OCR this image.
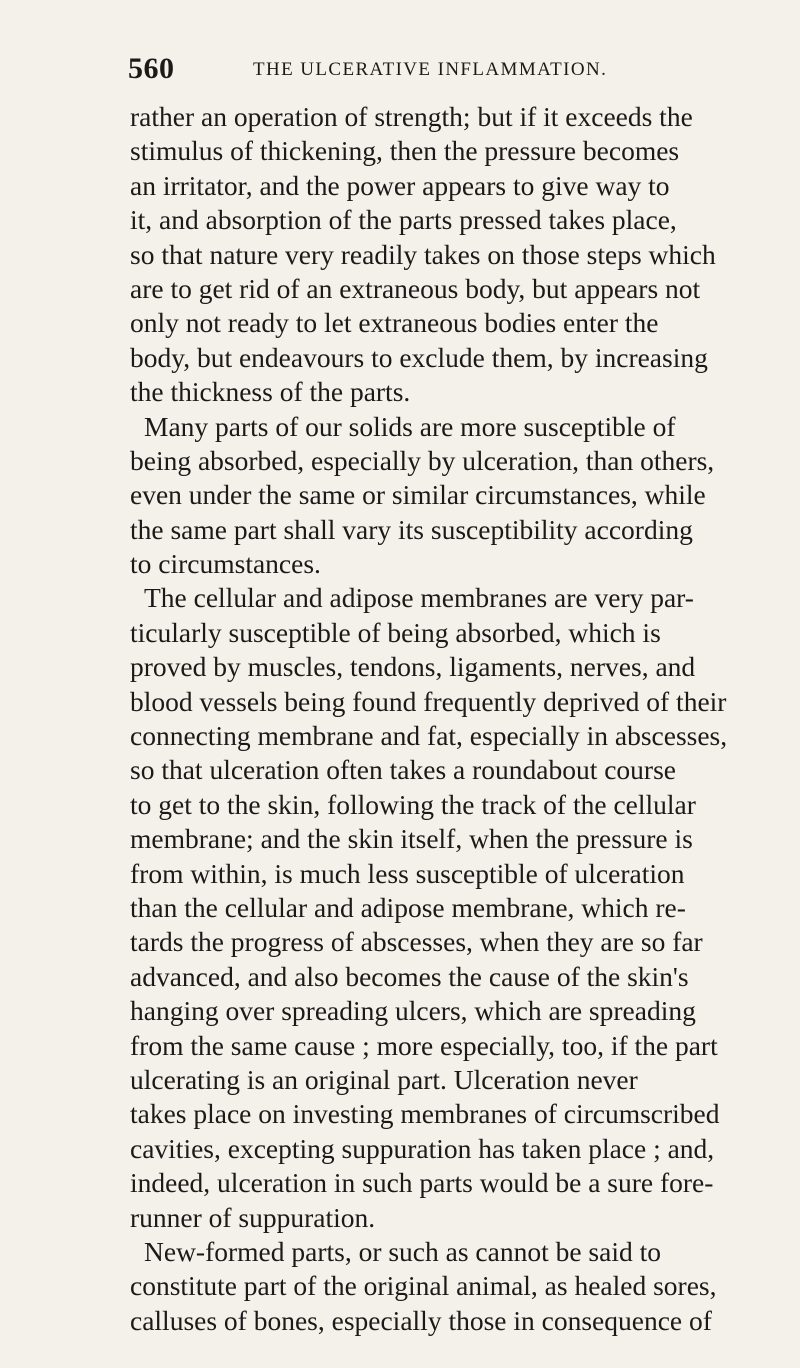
560	THE ULCERATIVE INFLAMMATION.
rather an operation of strength; but if it exceeds the
stimulus of thickening, then the pressure becomes
an irritator, and the power appears to give way to
it, and absorption of the parts pressed takes place,
so that nature very readily takes on those steps which
are to get rid of an extraneous body, but appears not
only not ready to let extraneous bodies enter the
body, but endeavours to exclude them, by increasing
the thickness of the parts.
Many parts of our solids are more susceptible of
being absorbed, especially by ulceration, than others,
even under the same or similar circumstances, while
the same part shall vary its susceptibility according
to circumstances.
The cellular and adipose membranes are very par-
ticularly susceptible of being absorbed, which is
proved by muscles, tendons, ligaments, nerves, and
blood vessels being found frequently deprived of their
connecting membrane and fat, especially in abscesses,
so that ulceration often takes a roundabout course
to get to the skin, following the track of the cellular
membrane; and the skin itself, when the pressure is
from within, is much less susceptible of ulceration
than the cellular and adipose membrane, which re-
tards the progress of abscesses, when they are so far
advanced, and also becomes the cause of the skin's
hanging over spreading ulcers, which are spreading
from the same cause ; more especially, too, if the part
ulcerating is an original part. Ulceration never
takes place on investing membranes of circumscribed
cavities, excepting suppuration has taken place ; and,
indeed, ulceration in such parts would be a sure fore-
runner of suppuration.
New-formed parts, or such as cannot be said to
constitute part of the original animal, as healed sores,
calluses of bones, especially those in consequence of
